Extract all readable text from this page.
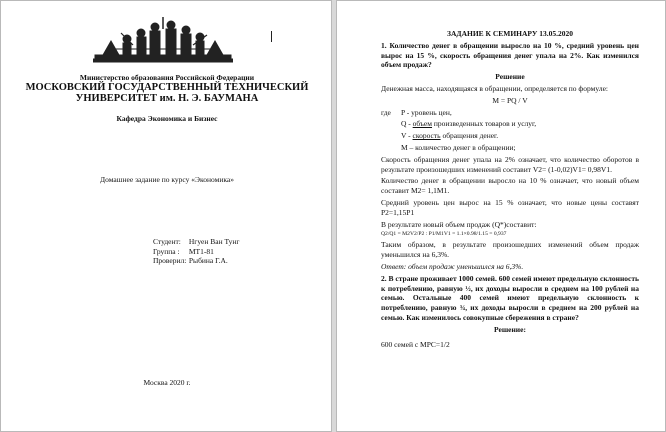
Министерство образования Российской Федерации
МОСКОВСКИЙ ГОСУДАРСТВЕННЫЙ ТЕХНИЧЕСКИЙ
УНИВЕРСИТЕТ им. Н. Э. БАУМАНА
Кафедра Экономика и Бизнес
Домашнее задание по курсу «Экономика»
Студент: Нгуен Ван Тунг
Группа : МТ1-81
Проверил: Рыбина Г.А.
Москва 2020 г.

ЗАДАНИЕ К СЕМИНАРУ 13.05.2020

1. Количество денег в обращении выросло на 10 %, средний уровень цен вырос на 15 %, скорость обращения денег упала на 2%. Как изменился объем продаж?

Решение

Денежная масса, находящаяся в обращении, определяется по формуле:

M = PQ / V

где	P - уровень цен,

Q - объем произведенных товаров и услуг,

V - скорость обращения денег.

M – количество денег в обращении;

Скорость обращения денег упала на 2% означает, что количество оборотов в результате произошедших изменений составит V2= (1-0,02)V1= 0,98V1.

Количество денег в обращении выросло на 10 % означает, что новый объем составит M2= 1,1M1.

Средний уровень цен вырос на 15 % означает, что новые цены составят P2=1,15P1

В результате новый объем продаж (Q*)составит:

Q2/Q1 = M2V2/P2 : P1/M1V1 = 1.1×0.98/1.15 = 0,937

Таким образом, в результате произошедших изменений объем продаж уменьшился на 6,3%.

Ответ: объем продаж уменьшился на 6,3%.

2. В стране проживает 1000 семей. 600 семей имеют предельную склонность к потреблению, равную ½, их доходы выросли в среднем на 100 рублей на семью. Остальные 400 семей имеют предельную склонность к потреблению, равную ¾, их доходы выросли в среднем на 200 рублей на семью. Как изменилось совокупные сбережения в стране?

Решение:

600 семей с MPC=1/2
